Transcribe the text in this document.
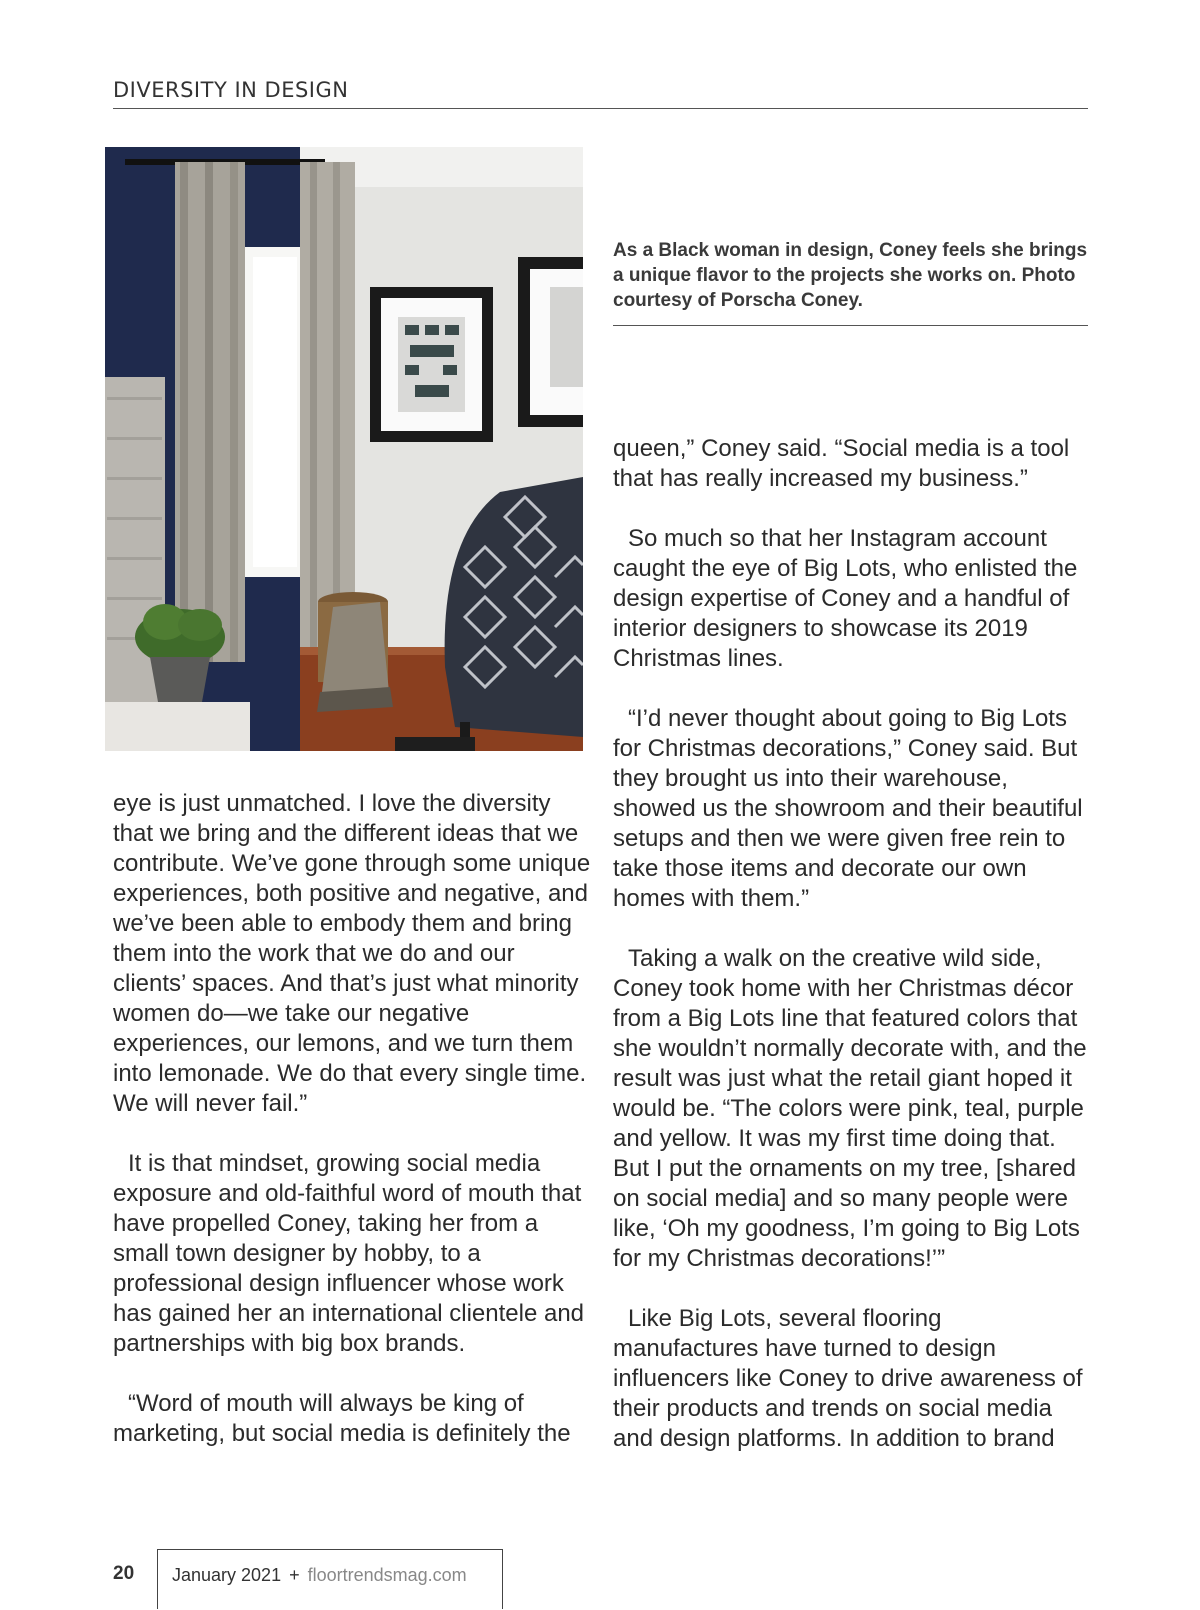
DIVERSITY IN DESIGN
As a Black woman in design, Coney feels she brings a unique flavor to the projects she works on. Photo courtesy of Porscha Coney.

eye is just unmatched. I love the diversity that we bring and the different ideas that we contribute. We’ve gone through some unique experiences, both positive and negative, and we’ve been able to embody them and bring them into the work that we do and our clients’ spaces. And that’s just what minority women do—we take our negative experiences, our lemons, and we turn them into lemonade. We do that every single time. We will never fail.”

It is that mindset, growing social media exposure and old-faithful word of mouth that have propelled Coney, taking her from a small town designer by hobby, to a professional design influencer whose work has gained her an international clientele and partnerships with big box brands.

“Word of mouth will always be king of marketing, but social media is definitely the

queen,” Coney said. “Social media is a tool that has really increased my business.”

So much so that her Instagram account caught the eye of Big Lots, who enlisted the design expertise of Coney and a handful of interior designers to showcase its 2019 Christmas lines.

“I’d never thought about going to Big Lots for Christmas decorations,” Coney said. But they brought us into their warehouse, showed us the showroom and their beautiful setups and then we were given free rein to take those items and decorate our own homes with them.”

Taking a walk on the creative wild side, Coney took home with her Christmas décor from a Big Lots line that featured colors that she wouldn’t normally decorate with, and the result was just what the retail giant hoped it would be. “The colors were pink, teal, purple and yellow. It was my first time doing that. But I put the ornaments on my tree, [shared on social media] and so many people were like, ‘Oh my goodness, I’m going to Big Lots for my Christmas decorations!’”

Like Big Lots, several flooring manufactures have turned to design influencers like Coney to drive awareness of their products and trends on social media and design platforms. In addition to brand

20	January 2021 + floortrendsmag.com
